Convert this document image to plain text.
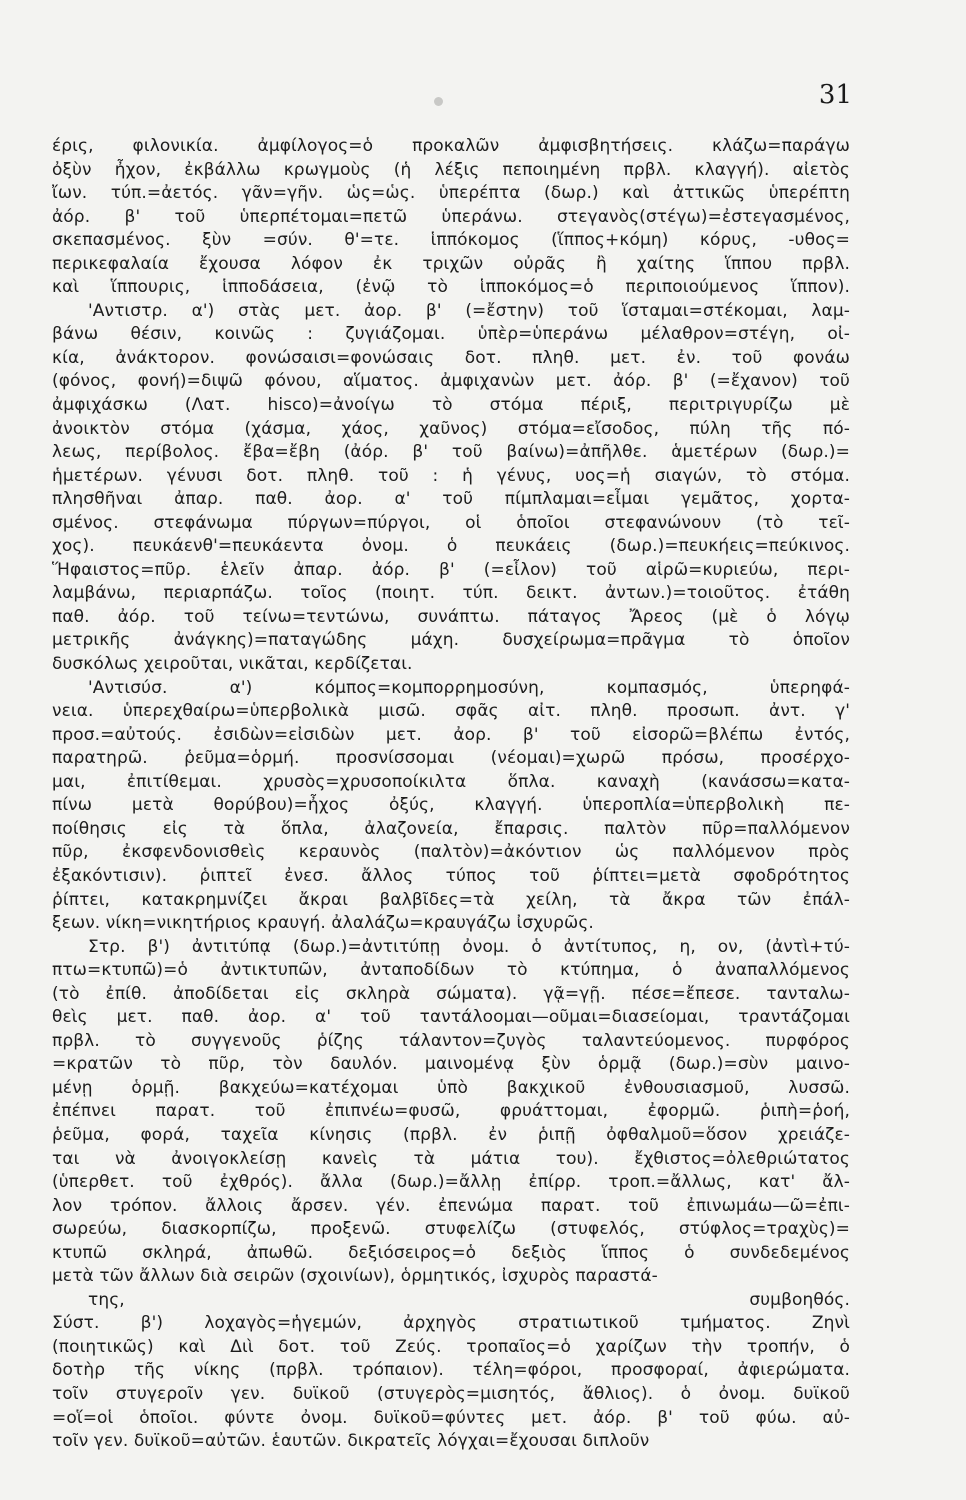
31
έρις, φιλονικία. ἀμφίλογος=ὁ προκαλῶν ἀμφισβητήσεις. κλάζω=παράγω
ὀξὺν ἦχον, ἐκβάλλω κρωγμοὺς (ἡ λέξις πεποιημένη πρβλ. κλαγγή). αἰετὸς
ἴων. τύπ.=ἀετός. γᾶν=γῆν. ὡς=ὡς. ὑπερέπτα (δωρ.) καὶ ἀττικῶς ὑπερέπτη
ἀόρ. β' τοῦ ὑπερπέτομαι=πετῶ ὑπεράνω. στεγανὸς(στέγω)=ἐστεγασμένος,
σκεπασμένος. ξὺν =σύν. θ'=τε. ἱππόκομος (ἵππος+κόμη) κόρυς, -υθος=
περικεφαλαία ἔχουσα λόφον ἐκ τριχῶν οὐρᾶς ἢ χαίτης ἵππου πρβλ.
καὶ ἵππουρις, ἱπποδάσεια, (ἐνῷ τὸ ἱπποκόμος=ὁ περιποιούμενος ἵππον).
'Αντιστρ. α') στὰς μετ. ἀορ. β' (=ἔστην) τοῦ ἵσταμαι=στέκομαι, λαμ-
βάνω θέσιν, κοινῶς : ζυγιάζομαι. ὑπὲρ=ὑπεράνω μέλαθρον=στέγη, οἰ-
κία, ἀνάκτορον. φονώσαισι=φονώσαις δοτ. πληθ. μετ. ἐν. τοῦ φονάω
(φόνος, φονή)=διψῶ φόνου, αἵματος. ἀμφιχανὼν μετ. ἀόρ. β' (=ἔχανον) τοῦ
ἀμφιχάσκω (Λατ. hisco)=ἀνοίγω τὸ στόμα πέριξ, περιτριγυρίζω μὲ
ἀνοικτὸν στόμα (χάσμα, χάος, χαῦνος) στόμα=εἴσοδος, πύλη τῆς πό-
λεως, περίβολος. ἔβα=ἔβη (ἀόρ. β' τοῦ βαίνω)=ἀπῆλθε. ἁμετέρων (δωρ.)=
ἡμετέρων. γένυσι δοτ. πληθ. τοῦ : ἡ γένυς, υος=ἡ σιαγών, τὸ στόμα.
πλησθῆναι ἀπαρ. παθ. ἀορ. α' τοῦ πίμπλαμαι=εἶμαι γεμᾶτος, χορτα-
σμένος. στεφάνωμα πύργων=πύργοι, οἱ ὁποῖοι στεφανώνουν (τὸ τεῖ-
χος). πευκάενθ'=πευκάεντα ὀνομ. ὁ πευκάεις (δωρ.)=πευκήεις=πεύκινος.
Ἥφαιστος=πῦρ. ἑλεῖν ἀπαρ. ἀόρ. β' (=εἷλον) τοῦ αἱρῶ=κυριεύω, περι-
λαμβάνω, περιαρπάζω. τοῖος (ποιητ. τύπ. δεικτ. ἀντων.)=τοιοῦτος. ἐτάθη
παθ. ἀόρ. τοῦ τείνω=τεντώνω, συνάπτω. πάταγος Ἄρεος (μὲ ὁ λόγῳ
μετρικῆς ἀνάγκης)=παταγώδης μάχη. δυσχείρωμα=πρᾶγμα τὸ ὁποῖον
δυσκόλως χειροῦται, νικᾶται, κερδίζεται.
'Αντισύσ. α') κόμπος=κομπορρημοσύνη, κομπασμός, ὑπερηφά-
νεια. ὑπερεχθαίρω=ὑπερβολικὰ μισῶ. σφᾶς αἰτ. πληθ. προσωπ. ἀντ. γ'
προσ.=αὐτούς. ἐσιδὼν=εἰσιδὼν μετ. ἀορ. β' τοῦ εἰσορῶ=βλέπω ἐντός,
παρατηρῶ. ῥεῦμα=ὁρμή. προσνίσσομαι (νέομαι)=χωρῶ πρόσω, προσέρχο-
μαι, ἐπιτίθεμαι. χρυσὸς=χρυσοποίκιλτα ὅπλα. καναχὴ (κανάσσω=κατα-
πίνω μετὰ θορύβου)=ἦχος ὀξύς, κλαγγή. ὑπεροπλία=ὑπερβολικὴ πε-
ποίθησις εἰς τὰ ὅπλα, ἀλαζονεία, ἔπαρσις. παλτὸν πῦρ=παλλόμενον
πῦρ, ἐκσφενδονισθεὶς κεραυνὸς (παλτὸν)=ἀκόντιον ὡς παλλόμενον πρὸς
ἐξακόντισιν). ῥιπτεῖ ἐνεσ. ἄλλος τύπος τοῦ ῥίπτει=μετὰ σφοδρότητος
ῥίπτει, κατακρημνίζει ἄκραι βαλβῖδες=τὰ χείλη, τὰ ἄκρα τῶν ἐπάλ-
ξεων. νίκη=νικητήριος κραυγή. ἀλαλάζω=κραυγάζω ἰσχυρῶς.
Στρ. β') ἀντιτύπᾳ (δωρ.)=ἀντιτύπῃ ὀνομ. ὁ ἀντίτυπος, η, ον, (ἀντὶ+τύ-
πτω=κτυπῶ)=ὁ ἀντικτυπῶν, ἀνταποδίδων τὸ κτύπημα, ὁ ἀναπαλλόμενος
(τὸ ἐπίθ. ἀποδίδεται εἰς σκληρὰ σώματα). γᾷ=γῇ. πέσε=ἔπεσε. τανταλω-
θεὶς μετ. παθ. ἀορ. α' τοῦ ταντάλοομαι—οῦμαι=διασείομαι, τραντάζομαι
πρβλ. τὸ συγγενοῦς ῥίζης τάλαντον=ζυγὸς ταλαντεύομενος. πυρφόρος
=κρατῶν τὸ πῦρ, τὸν δαυλόν. μαινομένᾳ ξὺν ὁρμᾷ (δωρ.)=σὺν μαινο-
μένῃ ὁρμῇ. βακχεύω=κατέχομαι ὑπὸ βακχικοῦ ἐνθουσιασμοῦ, λυσσῶ.
ἐπέπνει παρατ. τοῦ ἐπιπνέω=φυσῶ, φρυάττομαι, ἐφορμῶ. ῥιπὴ=ῥοή,
ῥεῦμα, φορά, ταχεῖα κίνησις (πρβλ. ἐν ῥιπῇ ὀφθαλμοῦ=ὅσον χρειάζε-
ται νὰ ἀνοιγοκλείσῃ κανεὶς τὰ μάτια του). ἔχθιστος=ὀλεθριώτατος
(ὑπερθετ. τοῦ ἐχθρός). ἄλλα (δωρ.)=ἄλλῃ ἐπίρρ. τροπ.=ἄλλως, κατ' ἄλ-
λον τρόπον. ἄλλοις ἄρσεν. γέν. ἐπενώμα παρατ. τοῦ ἐπινωμάω—ῶ=ἐπι-
σωρεύω, διασκορπίζω, προξενῶ. στυφελίζω (στυφελός, στύφλος=τραχὺς)=
κτυπῶ σκληρά, ἀπωθῶ. δεξιόσειρος=ὁ δεξιὸς ἵππος ὁ συνδεδεμένος
μετὰ τῶν ἄλλων διὰ σειρῶν (σχοινίων), ὁρμητικός, ἰσχυρὸς παραστά-
της, συμβοηθός.
Σύστ. β') λοχαγὸς=ἡγεμών, ἀρχηγὸς στρατιωτικοῦ τμήματος. Ζηνὶ
(ποιητικῶς) καὶ Διὶ δοτ. τοῦ Ζεύς. τροπαῖος=ὁ χαρίζων τὴν τροπήν, ὁ
δοτὴρ τῆς νίκης (πρβλ. τρόπαιον). τέλη=φόροι, προσφοραί, ἀφιερώματα.
τοῖν στυγεροῖν γεν. δυϊκοῦ (στυγερὸς=μισητός, ἄθλιος). ὁ ὀνομ. δυϊκοῦ
=οἵ=οἱ ὁποῖοι. φύντε ὀνομ. δυϊκοῦ=φύντες μετ. ἀόρ. β' τοῦ φύω. αὐ-
τοῖν γεν. δυϊκοῦ=αὐτῶν. ἑαυτῶν. δικρατεῖς λόγχαι=ἔχουσαι διπλοῦν
